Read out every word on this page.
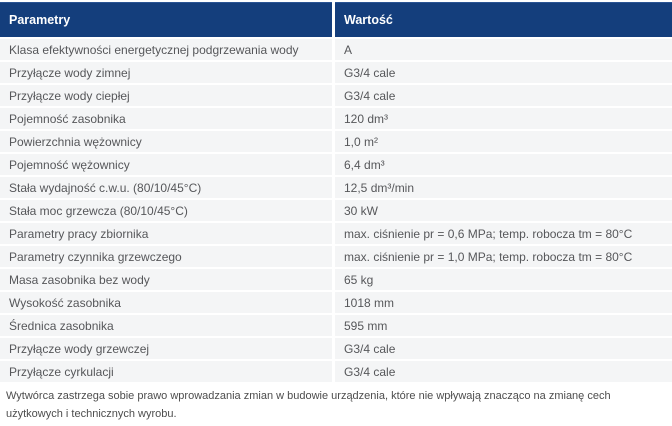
Parametry	Wartość
Klasa efektywności energetycznej podgrzewania wody	A
Przyłącze wody zimnej	G3/4 cale
Przyłącze wody ciepłej	G3/4 cale
Pojemność zasobnika	120 dm³
Powierzchnia wężownicy	1,0 m²
Pojemność wężownicy	6,4 dm³
Stała wydajność c.w.u. (80/10/45°C)	12,5 dm³/min
Stała moc grzewcza (80/10/45°C)	30 kW
Parametry pracy zbiornika	max. ciśnienie pr = 0,6 MPa; temp. robocza tm = 80°C
Parametry czynnika grzewczego	max. ciśnienie pr = 1,0 MPa; temp. robocza tm = 80°C
Masa zasobnika bez wody	65 kg
Wysokość zasobnika	1018 mm
Średnica zasobnika	595 mm
Przyłącze wody grzewczej	G3/4 cale
Przyłącze cyrkulacji	G3/4 cale
Wytwórca zastrzega sobie prawo wprowadzania zmian w budowie urządzenia, które nie wpływają znacząco na zmianę cech użytkowych i technicznych wyrobu.
